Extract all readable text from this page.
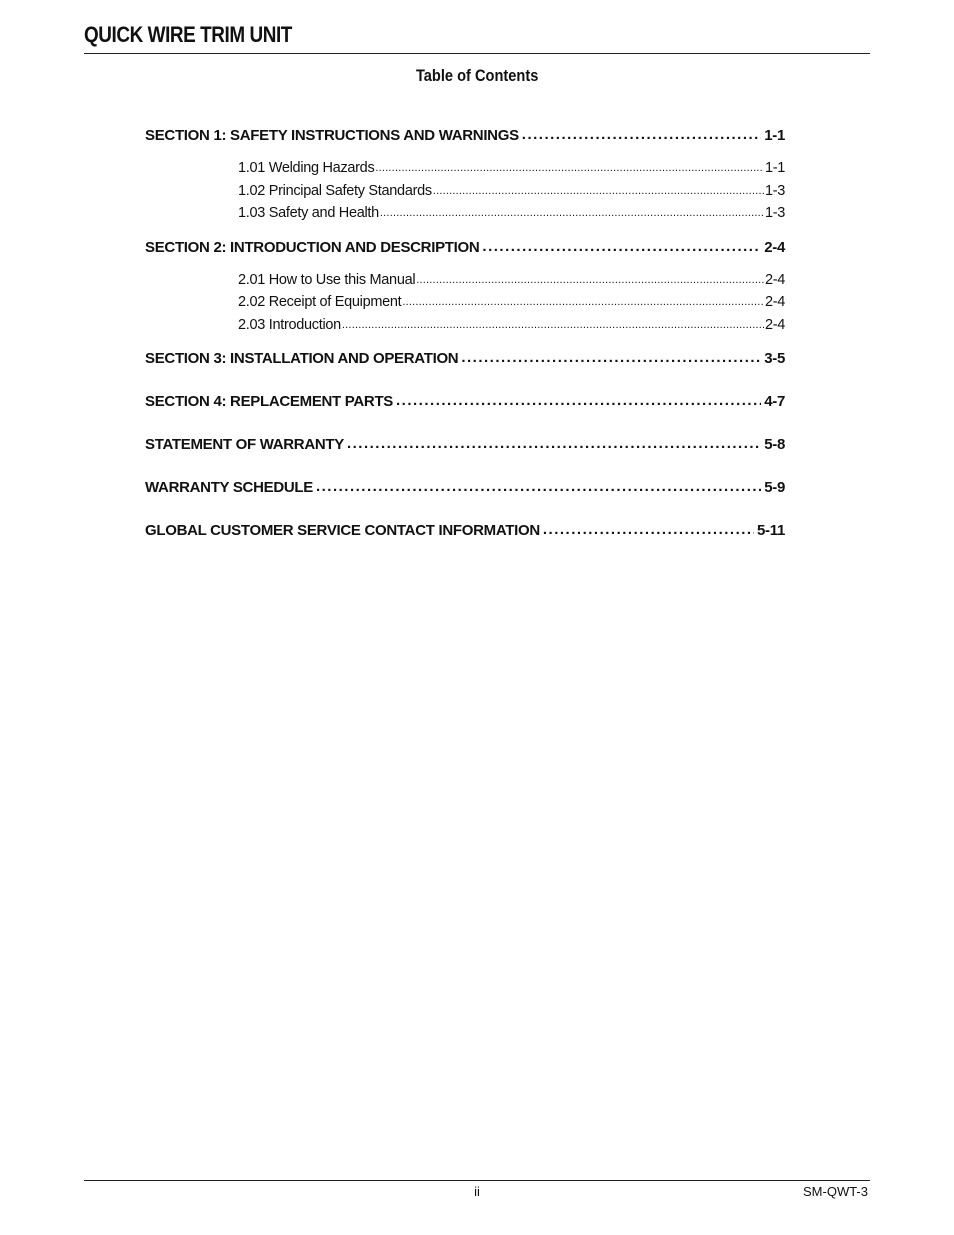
QUICK WIRE TRIM UNIT
Table of Contents
SECTION 1: SAFETY INSTRUCTIONS AND WARNINGS .....	1-1
1.01 Welding Hazards .....	1-1
1.02 Principal Safety Standards .....	1-3
1.03 Safety and Health .....	1-3
SECTION 2: INTRODUCTION AND DESCRIPTION .....	2-4
2.01 How to Use this Manual .....	2-4
2.02 Receipt of Equipment .....	2-4
2.03 Introduction .....	2-4
SECTION 3: INSTALLATION AND OPERATION .....	3-5
SECTION 4: REPLACEMENT PARTS .....	4-7
STATEMENT OF WARRANTY .....	5-8
WARRANTY SCHEDULE .....	5-9
GLOBAL CUSTOMER SERVICE CONTACT INFORMATION .....	5-11
ii	SM-QWT-3
